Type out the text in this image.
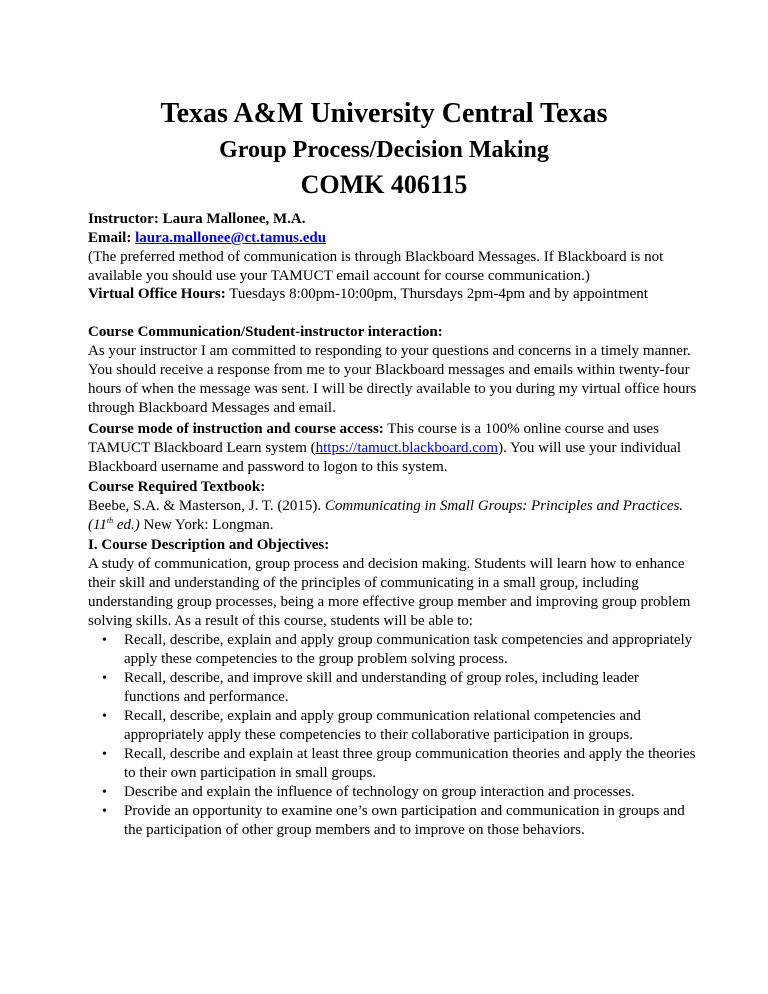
Texas A&M University Central Texas
Group Process/Decision Making
COMK 406115

Instructor: Laura Mallonee, M.A.

Email: laura.mallonee@ct.tamus.edu

(The preferred method of communication is through Blackboard Messages. If Blackboard is not available you should use your TAMUCT email account for course communication.)

Virtual Office Hours: Tuesdays 8:00pm-10:00pm, Thursdays 2pm-4pm and by appointment

Course Communication/Student-instructor interaction:

As your instructor I am committed to responding to your questions and concerns in a timely manner. You should receive a response from me to your Blackboard messages and emails within twenty-four hours of when the message was sent. I will be directly available to you during my virtual office hours through Blackboard Messages and email.

Course mode of instruction and course access: This course is a 100% online course and uses TAMUCT Blackboard Learn system (https://tamuct.blackboard.com). You will use your individual Blackboard username and password to logon to this system.

Course Required Textbook:

Beebe, S.A. & Masterson, J. T. (2015). Communicating in Small Groups: Principles and Practices. (11th ed.) New York: Longman.

I. Course Description and Objectives:

A study of communication, group process and decision making. Students will learn how to enhance their skill and understanding of the principles of communicating in a small group, including understanding group processes, being a more effective group member and improving group problem solving skills. As a result of this course, students will be able to:

• Recall, describe, explain and apply group communication task competencies and appropriately apply these competencies to the group problem solving process.
• Recall, describe, and improve skill and understanding of group roles, including leader functions and performance.
• Recall, describe, explain and apply group communication relational competencies and appropriately apply these competencies to their collaborative participation in groups.
• Recall, describe and explain at least three group communication theories and apply the theories to their own participation in small groups.
• Describe and explain the influence of technology on group interaction and processes.
• Provide an opportunity to examine one’s own participation and communication in groups and the participation of other group members and to improve on those behaviors.
